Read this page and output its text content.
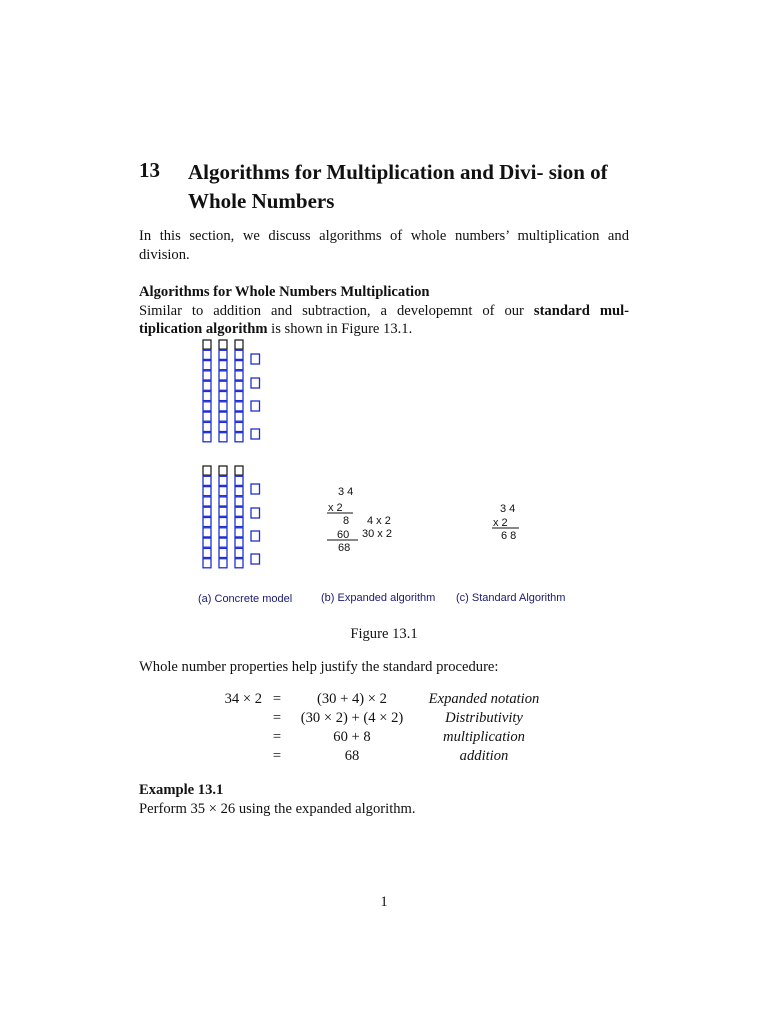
13 Algorithms for Multiplication and Divi- sion of Whole Numbers
In this section, we discuss algorithms of whole numbers’ multiplication and division.
Algorithms for Whole Numbers Multiplication
Similar to addition and subtraction, a developemnt of our standard mul- tiplication algorithm is shown in Figure 13.1.
3 4
x 2
8 4 x 2
60 30 x 2
68
3 4
x 2
6 8
(a) Concrete model	(b) Expanded algorithm (c) Standard Algorithm
Figure 13.1
Whole number properties help justify the standard procedure:
34 × 2 =	(30 + 4) × 2	Expanded notation
=	(30 × 2) + (4 × 2)	Distributivity
=	60 + 8	multiplication
=	68	addition
Example 13.1
Perform 35 × 26 using the expanded algorithm.
1
